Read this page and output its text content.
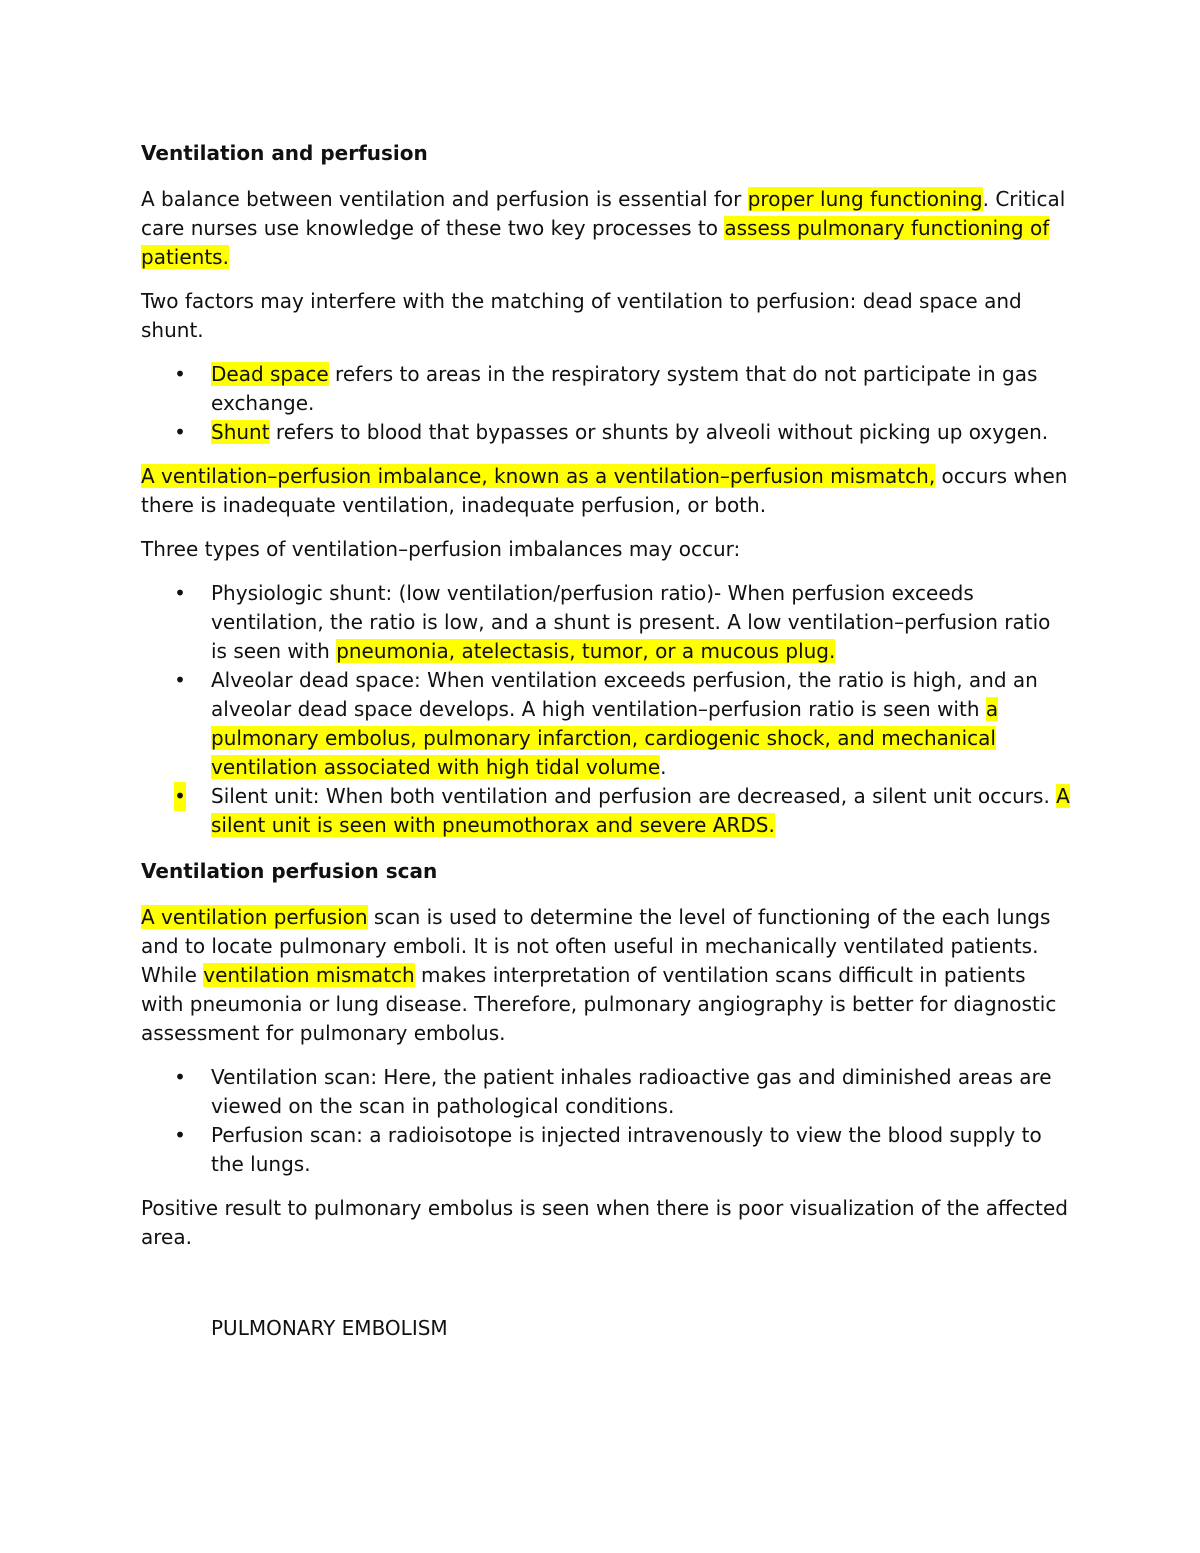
Ventilation and perfusion

A balance between ventilation and perfusion is essential for proper lung functioning. Critical care nurses use knowledge of these two key processes to assess pulmonary functioning of patients.

Two factors may interfere with the matching of ventilation to perfusion: dead space and shunt.

• Dead space refers to areas in the respiratory system that do not participate in gas exchange.
• Shunt refers to blood that bypasses or shunts by alveoli without picking up oxygen.

A ventilation–perfusion imbalance, known as a ventilation–perfusion mismatch, occurs when there is inadequate ventilation, inadequate perfusion, or both.

Three types of ventilation–perfusion imbalances may occur:

• Physiologic shunt: (low ventilation/perfusion ratio)- When perfusion exceeds ventilation, the ratio is low, and a shunt is present. A low ventilation–perfusion ratio is seen with pneumonia, atelectasis, tumor, or a mucous plug.
• Alveolar dead space: When ventilation exceeds perfusion, the ratio is high, and an alveolar dead space develops. A high ventilation–perfusion ratio is seen with a pulmonary embolus, pulmonary infarction, cardiogenic shock, and mechanical ventilation associated with high tidal volume.
• Silent unit: When both ventilation and perfusion are decreased, a silent unit occurs. A silent unit is seen with pneumothorax and severe ARDS.
Ventilation perfusion scan

A ventilation perfusion scan is used to determine the level of functioning of the each lungs and to locate pulmonary emboli. It is not often useful in mechanically ventilated patients. While ventilation mismatch makes interpretation of ventilation scans difficult in patients with pneumonia or lung disease. Therefore, pulmonary angiography is better for diagnostic assessment for pulmonary embolus.

• Ventilation scan: Here, the patient inhales radioactive gas and diminished areas are viewed on the scan in pathological conditions.
• Perfusion scan: a radioisotope is injected intravenously to view the blood supply to the lungs.

Positive result to pulmonary embolus is seen when there is poor visualization of the affected area.

PULMONARY EMBOLISM
